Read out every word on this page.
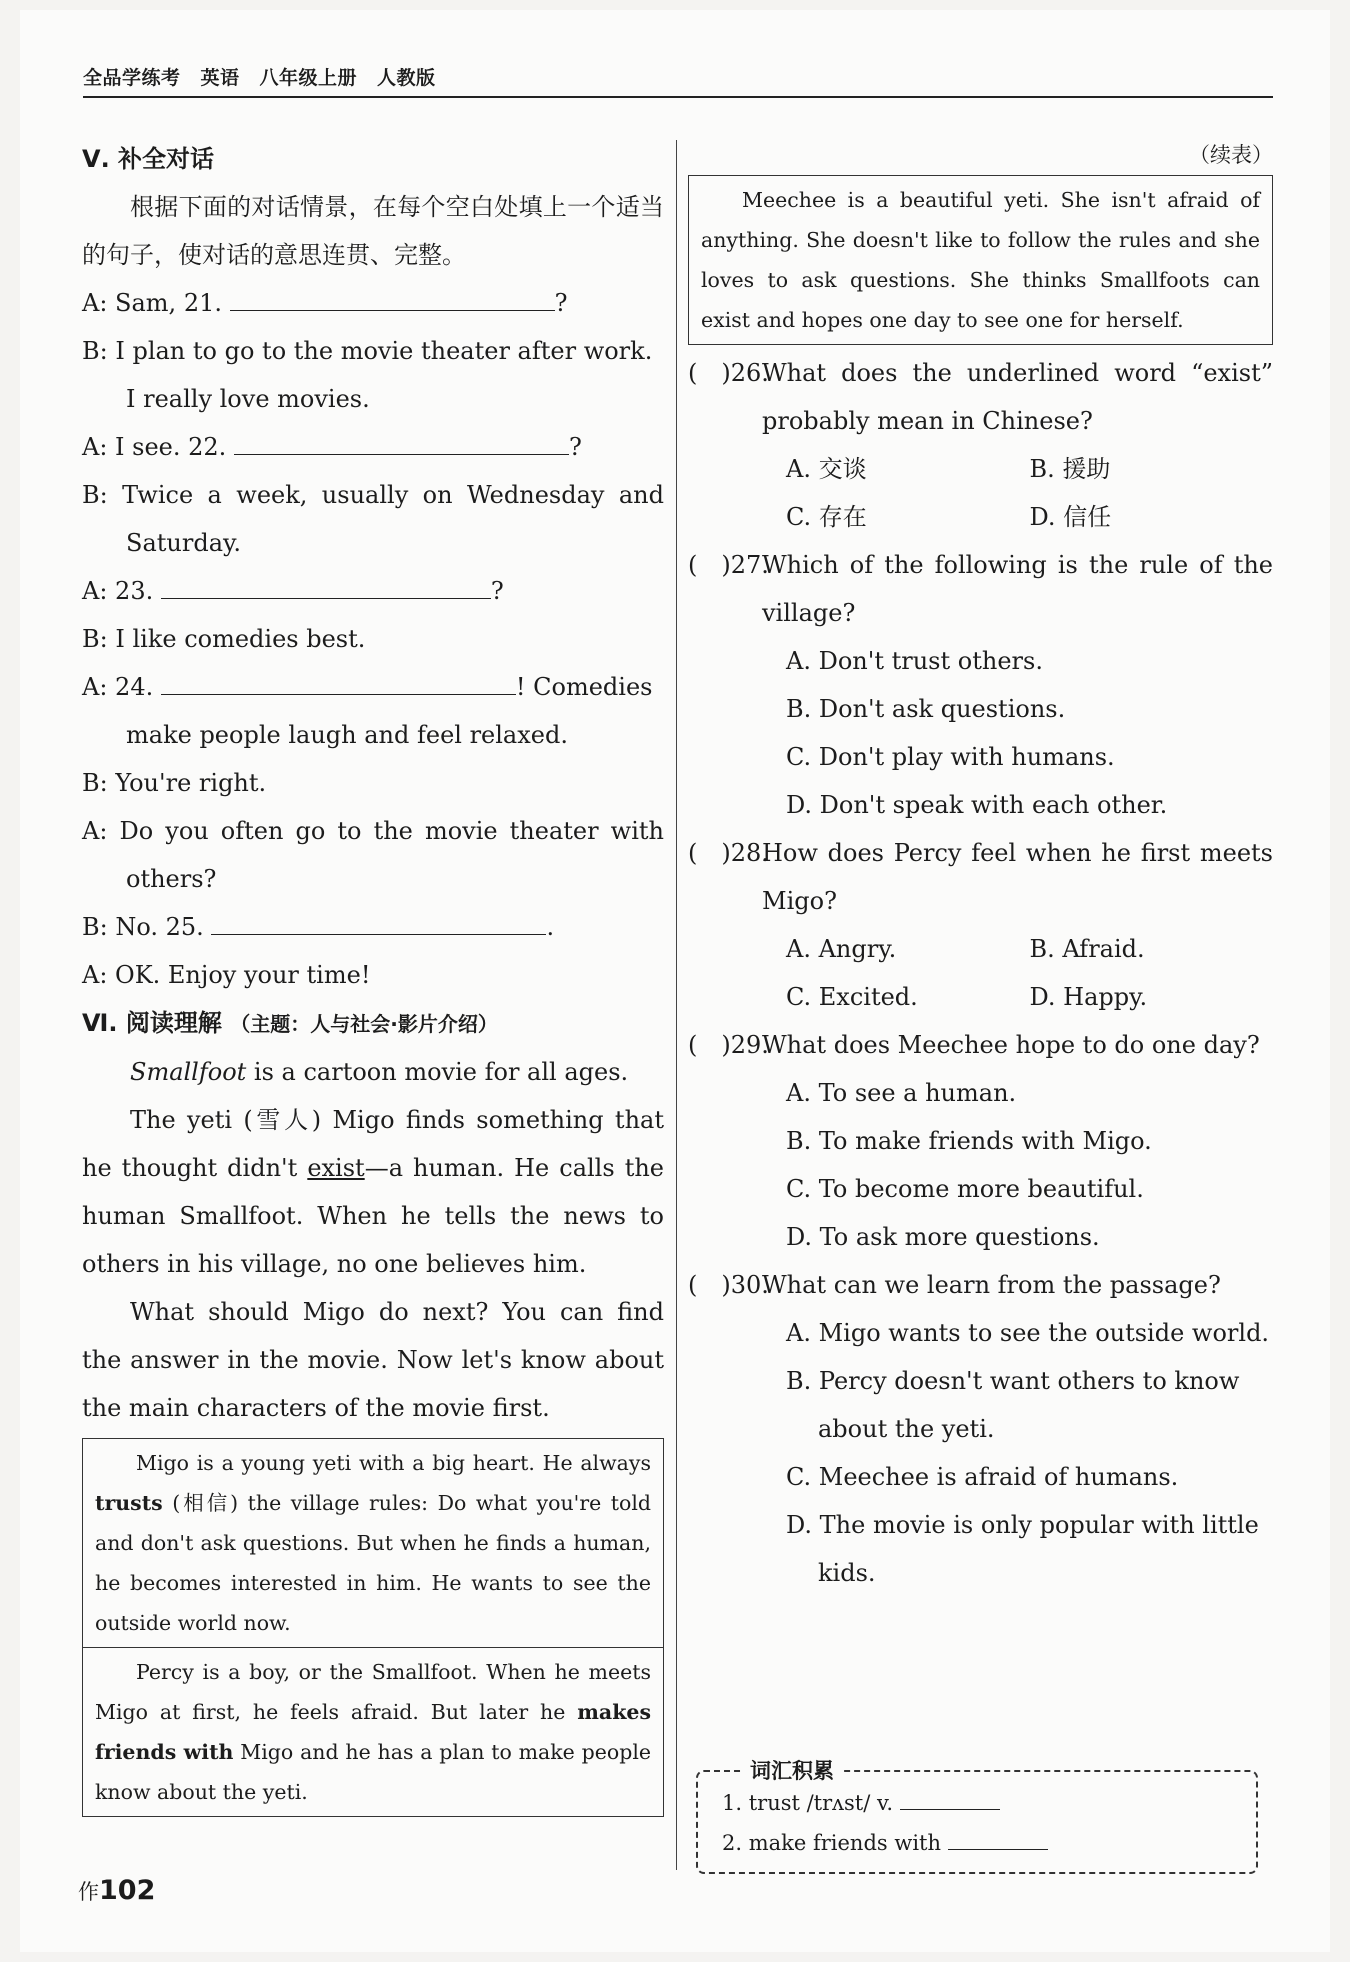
全品学练考 英语 八年级上册 人教版
Ⅴ. 补全对话
根据下面的对话情景，在每个空白处填上一个适当的句子，使对话的意思连贯、完整。
A: Sam, 21.	?
B: I plan to go to the movie theater after work. I really love movies.
A: I see. 22.	?
B: Twice a week, usually on Wednesday and Saturday.
A: 23.	?
B: I like comedies best.
A: 24.	! Comedies make people laugh and feel relaxed.
B: You're right.
A: Do you often go to the movie theater with others?
B: No. 25.	.
A: OK. Enjoy your time!
Ⅵ. 阅读理解 （主题：人与社会·影片介绍）
Smallfoot is a cartoon movie for all ages.
The yeti (雪人) Migo finds something that he thought didn't exist—a human. He calls the human Smallfoot. When he tells the news to others in his village, no one believes him.
What should Migo do next? You can find the answer in the movie. Now let's know about the main characters of the movie first.
Migo is a young yeti with a big heart. He always trusts (相信) the village rules: Do what you're told and don't ask questions. But when he finds a human, he becomes interested in him. He wants to see the outside world now.
Percy is a boy, or the Smallfoot. When he meets Migo at first, he feels afraid. But later he makes friends with Migo and he has a plan to make people know about the yeti.
（续表）
Meechee is a beautiful yeti. She isn't afraid of anything. She doesn't like to follow the rules and she loves to ask questions. She thinks Smallfoots can exist and hopes one day to see one for herself.
(　)26.
What does the underlined word “exist” probably mean in Chinese?
A. 交谈	B. 援助
C. 存在	D. 信任
(　)27.
Which of the following is the rule of the village?
A. Don't trust others.
B. Don't ask questions.
C. Don't play with humans.
D. Don't speak with each other.
(　)28.
How does Percy feel when he first meets Migo?
A. Angry.	B. Afraid.
C. Excited.	D. Happy.
(　)29.
What does Meechee hope to do one day?
A. To see a human.
B. To make friends with Migo.
C. To become more beautiful.
D. To ask more questions.
(　)30.
What can we learn from the passage?
A. Migo wants to see the outside world.
B. Percy doesn't want others to know about the yeti.
C. Meechee is afraid of humans.
D. The movie is only popular with little kids.
词汇积累
1. trust /trʌst/ v.
2. make friends with
作102
